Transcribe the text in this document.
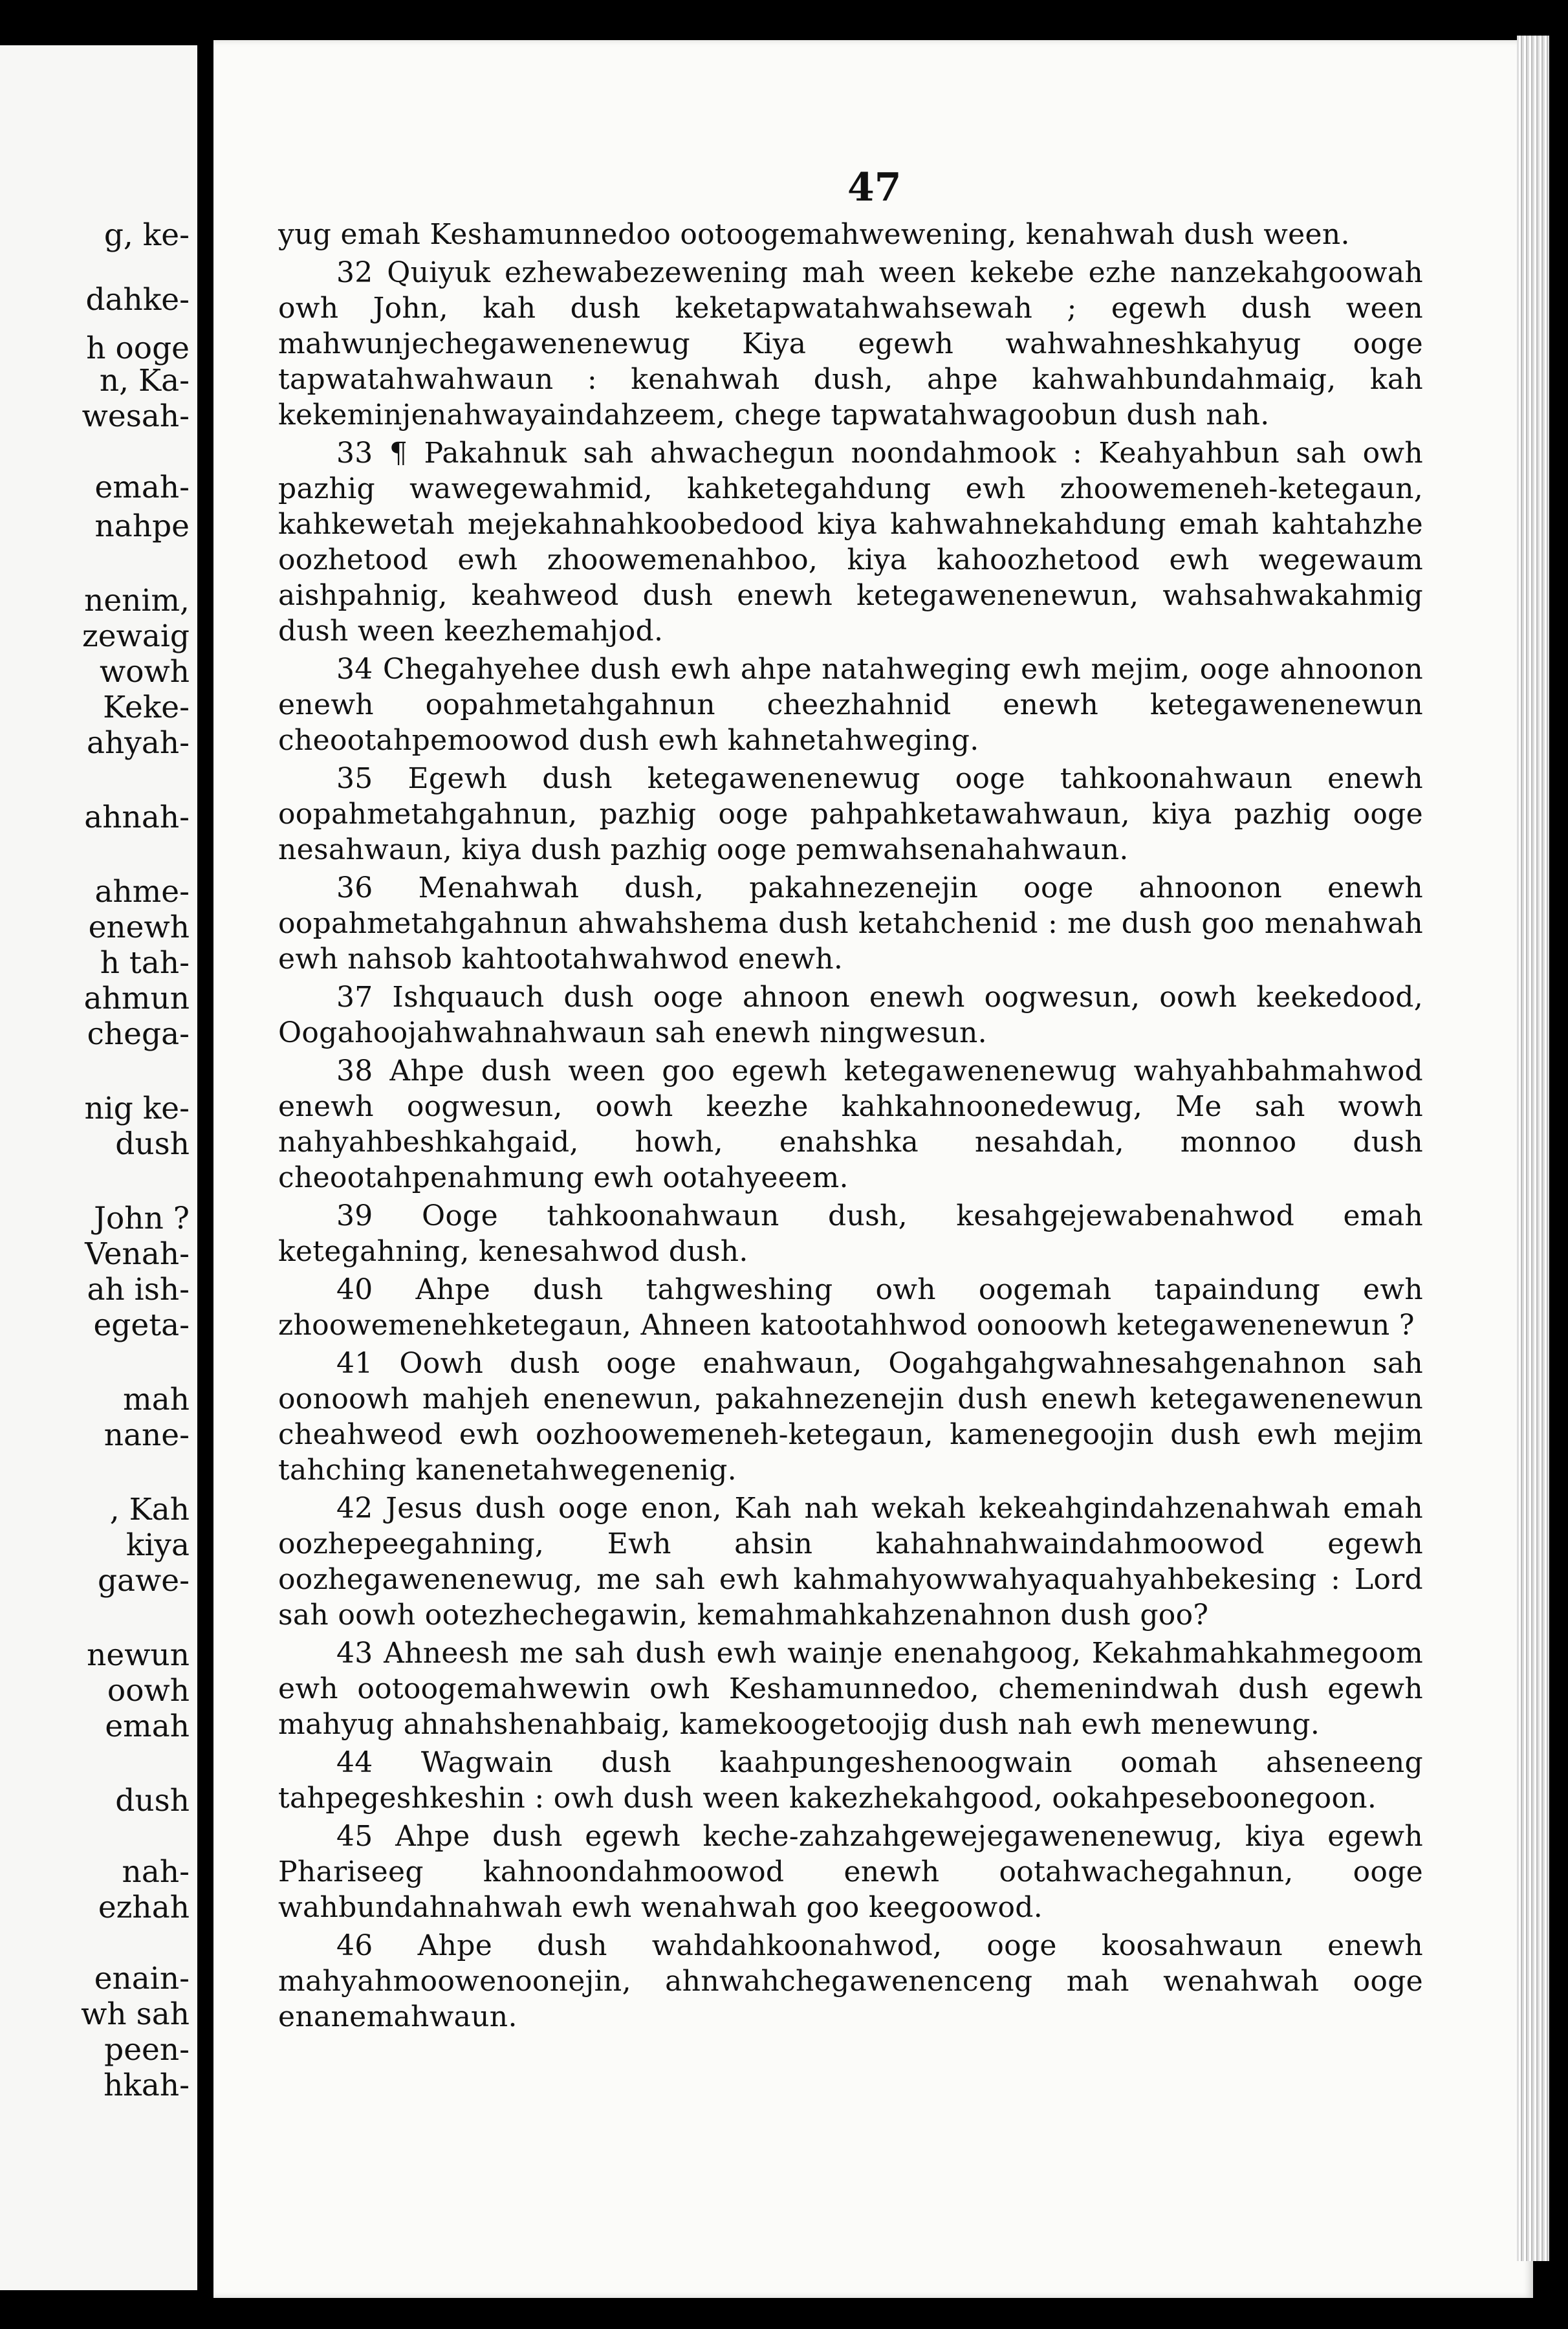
g, ke-
dahke-
h ooge
n, Ka-
wesah-
emah-
nahpe
nenim,
zewaig
wowh
Keke-
ahyah-
ahnah-
ahme-
enewh
h tah-
ahmun
chega-
nig ke-
dush
John ?
Venah-
ah ish-
egeta-
mah
nane-
, Kah
kiya
gawe-
newun
oowh
emah
dush
nah-
ezhah
enain-
wh sah
peen-
hkah-
47

yug emah Keshamunnedoo ootoogemahwewening, kenahwah dush ween.

32 Quiyuk ezhewabezewening mah ween kekebe ezhe nanzekahgoowah owh John, kah dush keketapwatahwahsewah ; egewh dush ween mahwunjechegawenenewug Kiya egewh wahwahneshkahyug ooge tapwatahwahwaun : kenahwah dush, ahpe kahwahbundahmaig, kah kekeminjenahwayaindahzeem, chege tapwatahwagoobun dush nah.

33 ¶ Pakahnuk sah ahwachegun noondahmook : Keahyahbun sah owh pazhig wawegewahmid, kahketegahdung ewh zhoowemeneh-ketegaun, kahkewetah mejekahnahkoobedood kiya kahwahnekahdung emah kahtahzhe oozhetood ewh zhoowemenahboo, kiya kahoozhetood ewh wegewaum aishpahnig, keahweod dush enewh ketegawenenewun, wahsahwakahmig dush ween keezhemahjod.

34 Chegahyehee dush ewh ahpe natahweging ewh mejim, ooge ahnoonon enewh oopahmetahgahnun cheezhahnid enewh ketegawenenewun cheootahpemoowod dush ewh kahnetahweging.

35 Egewh dush ketegawenenewug ooge tahkoonahwaun enewh oopahmetahgahnun, pazhig ooge pahpahketawahwaun, kiya pazhig ooge nesahwaun, kiya dush pazhig ooge pemwahsenahahwaun.

36 Menahwah dush, pakahnezenejin ooge ahnoonon enewh oopahmetahgahnun ahwahshema dush ketahchenid : me dush goo menahwah ewh nahsob kahtootahwahwod enewh.

37 Ishquauch dush ooge ahnoon enewh oogwesun, oowh keekedood, Oogahoojahwahnahwaun sah enewh ningwesun.

38 Ahpe dush ween goo egewh ketegawenenewug wahyahbahmahwod enewh oogwesun, oowh keezhe kahkahnoonedewug, Me sah wowh nahyahbeshkahgaid, howh, enahshka nesahdah, monnoo dush cheootahpenahmung ewh ootahyeeem.

39 Ooge tahkoonahwaun dush, kesahgejewabenahwod emah ketegahning, kenesahwod dush.

40 Ahpe dush tahgweshing owh oogemah tapaindung ewh zhoowemenehketegaun, Ahneen katootahhwod oonoowh ketegawenenewun ?

41 Oowh dush ooge enahwaun, Oogahgahgwahnesahgenahnon sah oonoowh mahjeh enenewun, pakahnezenejin dush enewh ketegawenenewun cheahweod ewh oozhoowemeneh-ketegaun, kamenegoojin dush ewh mejim tahching kanenetahwegenenig.

42 Jesus dush ooge enon, Kah nah wekah kekeahgindahzenahwah emah oozhepeegahning, Ewh ahsin kahahnahwaindahmoowod egewh oozhegawenenewug, me sah ewh kahmahyowwahyaquahyahbekesing : Lord sah oowh ootezhechegawin, kemahmahkahzenahnon dush goo?

43 Ahneesh me sah dush ewh wainje enenahgoog, Kekahmahkahmegoom ewh ootoogemahwewin owh Keshamunnedoo, chemenindwah dush egewh mahyug ahnahshenahbaig, kamekoogetoojig dush nah ewh menewung.

44 Wagwain dush kaahpungeshenoogwain oomah ahseneeng tahpegeshkeshin : owh dush ween kakezhekahgood, ookahpeseboonegoon.

45 Ahpe dush egewh keche-zahzahgewejegawenenewug, kiya egewh Phariseeg kahnoondahmoowod enewh ootahwachegahnun, ooge wahbundahnahwah ewh wenahwah goo keegoowod.

46 Ahpe dush wahdahkoonahwod, ooge koosahwaun enewh mahyahmoowenoonejin, ahnwahchegawenenceng mah wenahwah ooge enanemahwaun.
